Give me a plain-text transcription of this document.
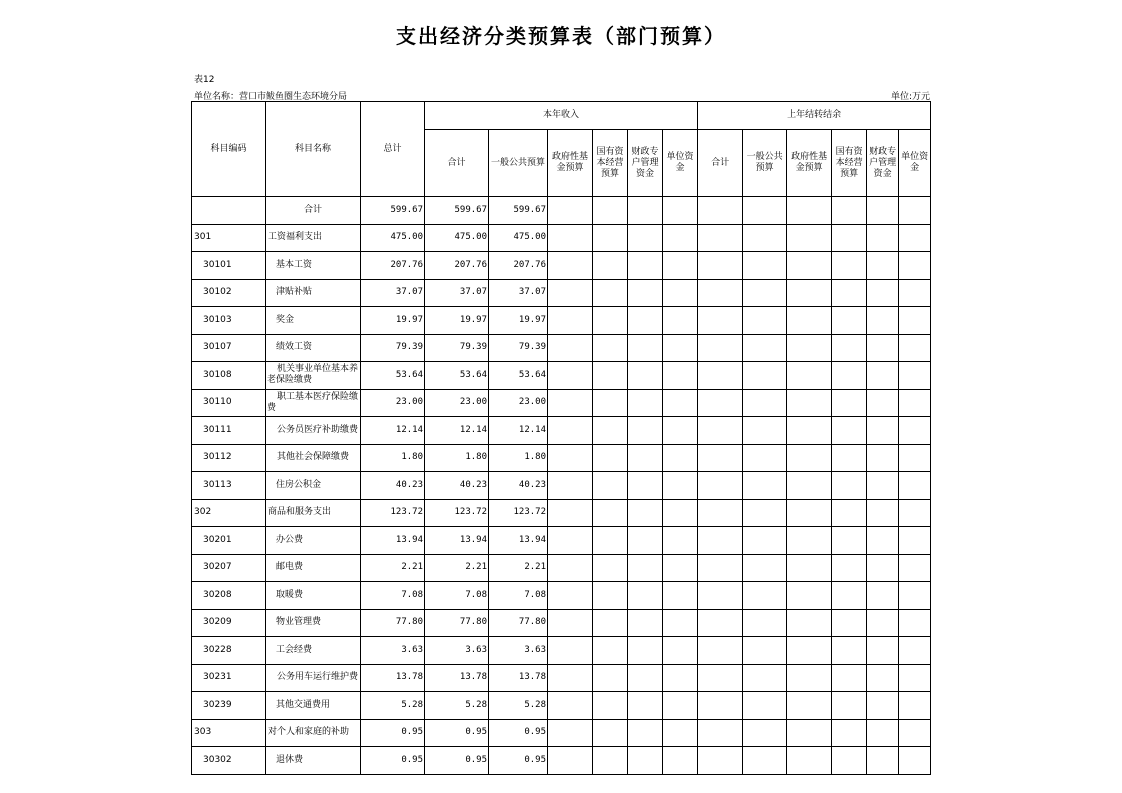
支出经济分类预算表（部门预算）
表12
单位名称：营口市鲅鱼圈生态环境分局	单位:万元
科目编码	科目名称	总计	本年收入						上年结转结余					
			合计	一般公共预算	政府性基金预算	国有资本经营预算	财政专户管理资金	单位资金	合计	一般公共预算	政府性基金预算	国有资本经营预算	财政专户管理资金	单位资金
	合计	599.67	599.67	599.67										
301	工资福利支出	475.00	475.00	475.00										
30101	基本工资	207.76	207.76	207.76										
30102	津贴补贴	37.07	37.07	37.07										
30103	奖金	19.97	19.97	19.97										
30107	绩效工资	79.39	79.39	79.39										
30108	机关事业单位基本养老保险缴费	53.64	53.64	53.64										
30110	职工基本医疗保险缴费	23.00	23.00	23.00										
30111	公务员医疗补助缴费	12.14	12.14	12.14										
30112	其他社会保障缴费	1.80	1.80	1.80										
30113	住房公积金	40.23	40.23	40.23										
302	商品和服务支出	123.72	123.72	123.72										
30201	办公费	13.94	13.94	13.94										
30207	邮电费	2.21	2.21	2.21										
30208	取暖费	7.08	7.08	7.08										
30209	物业管理费	77.80	77.80	77.80										
30228	工会经费	3.63	3.63	3.63										
30231	公务用车运行维护费	13.78	13.78	13.78										
30239	其他交通费用	5.28	5.28	5.28										
303	对个人和家庭的补助	0.95	0.95	0.95										
30302	退休费	0.95	0.95	0.95										
